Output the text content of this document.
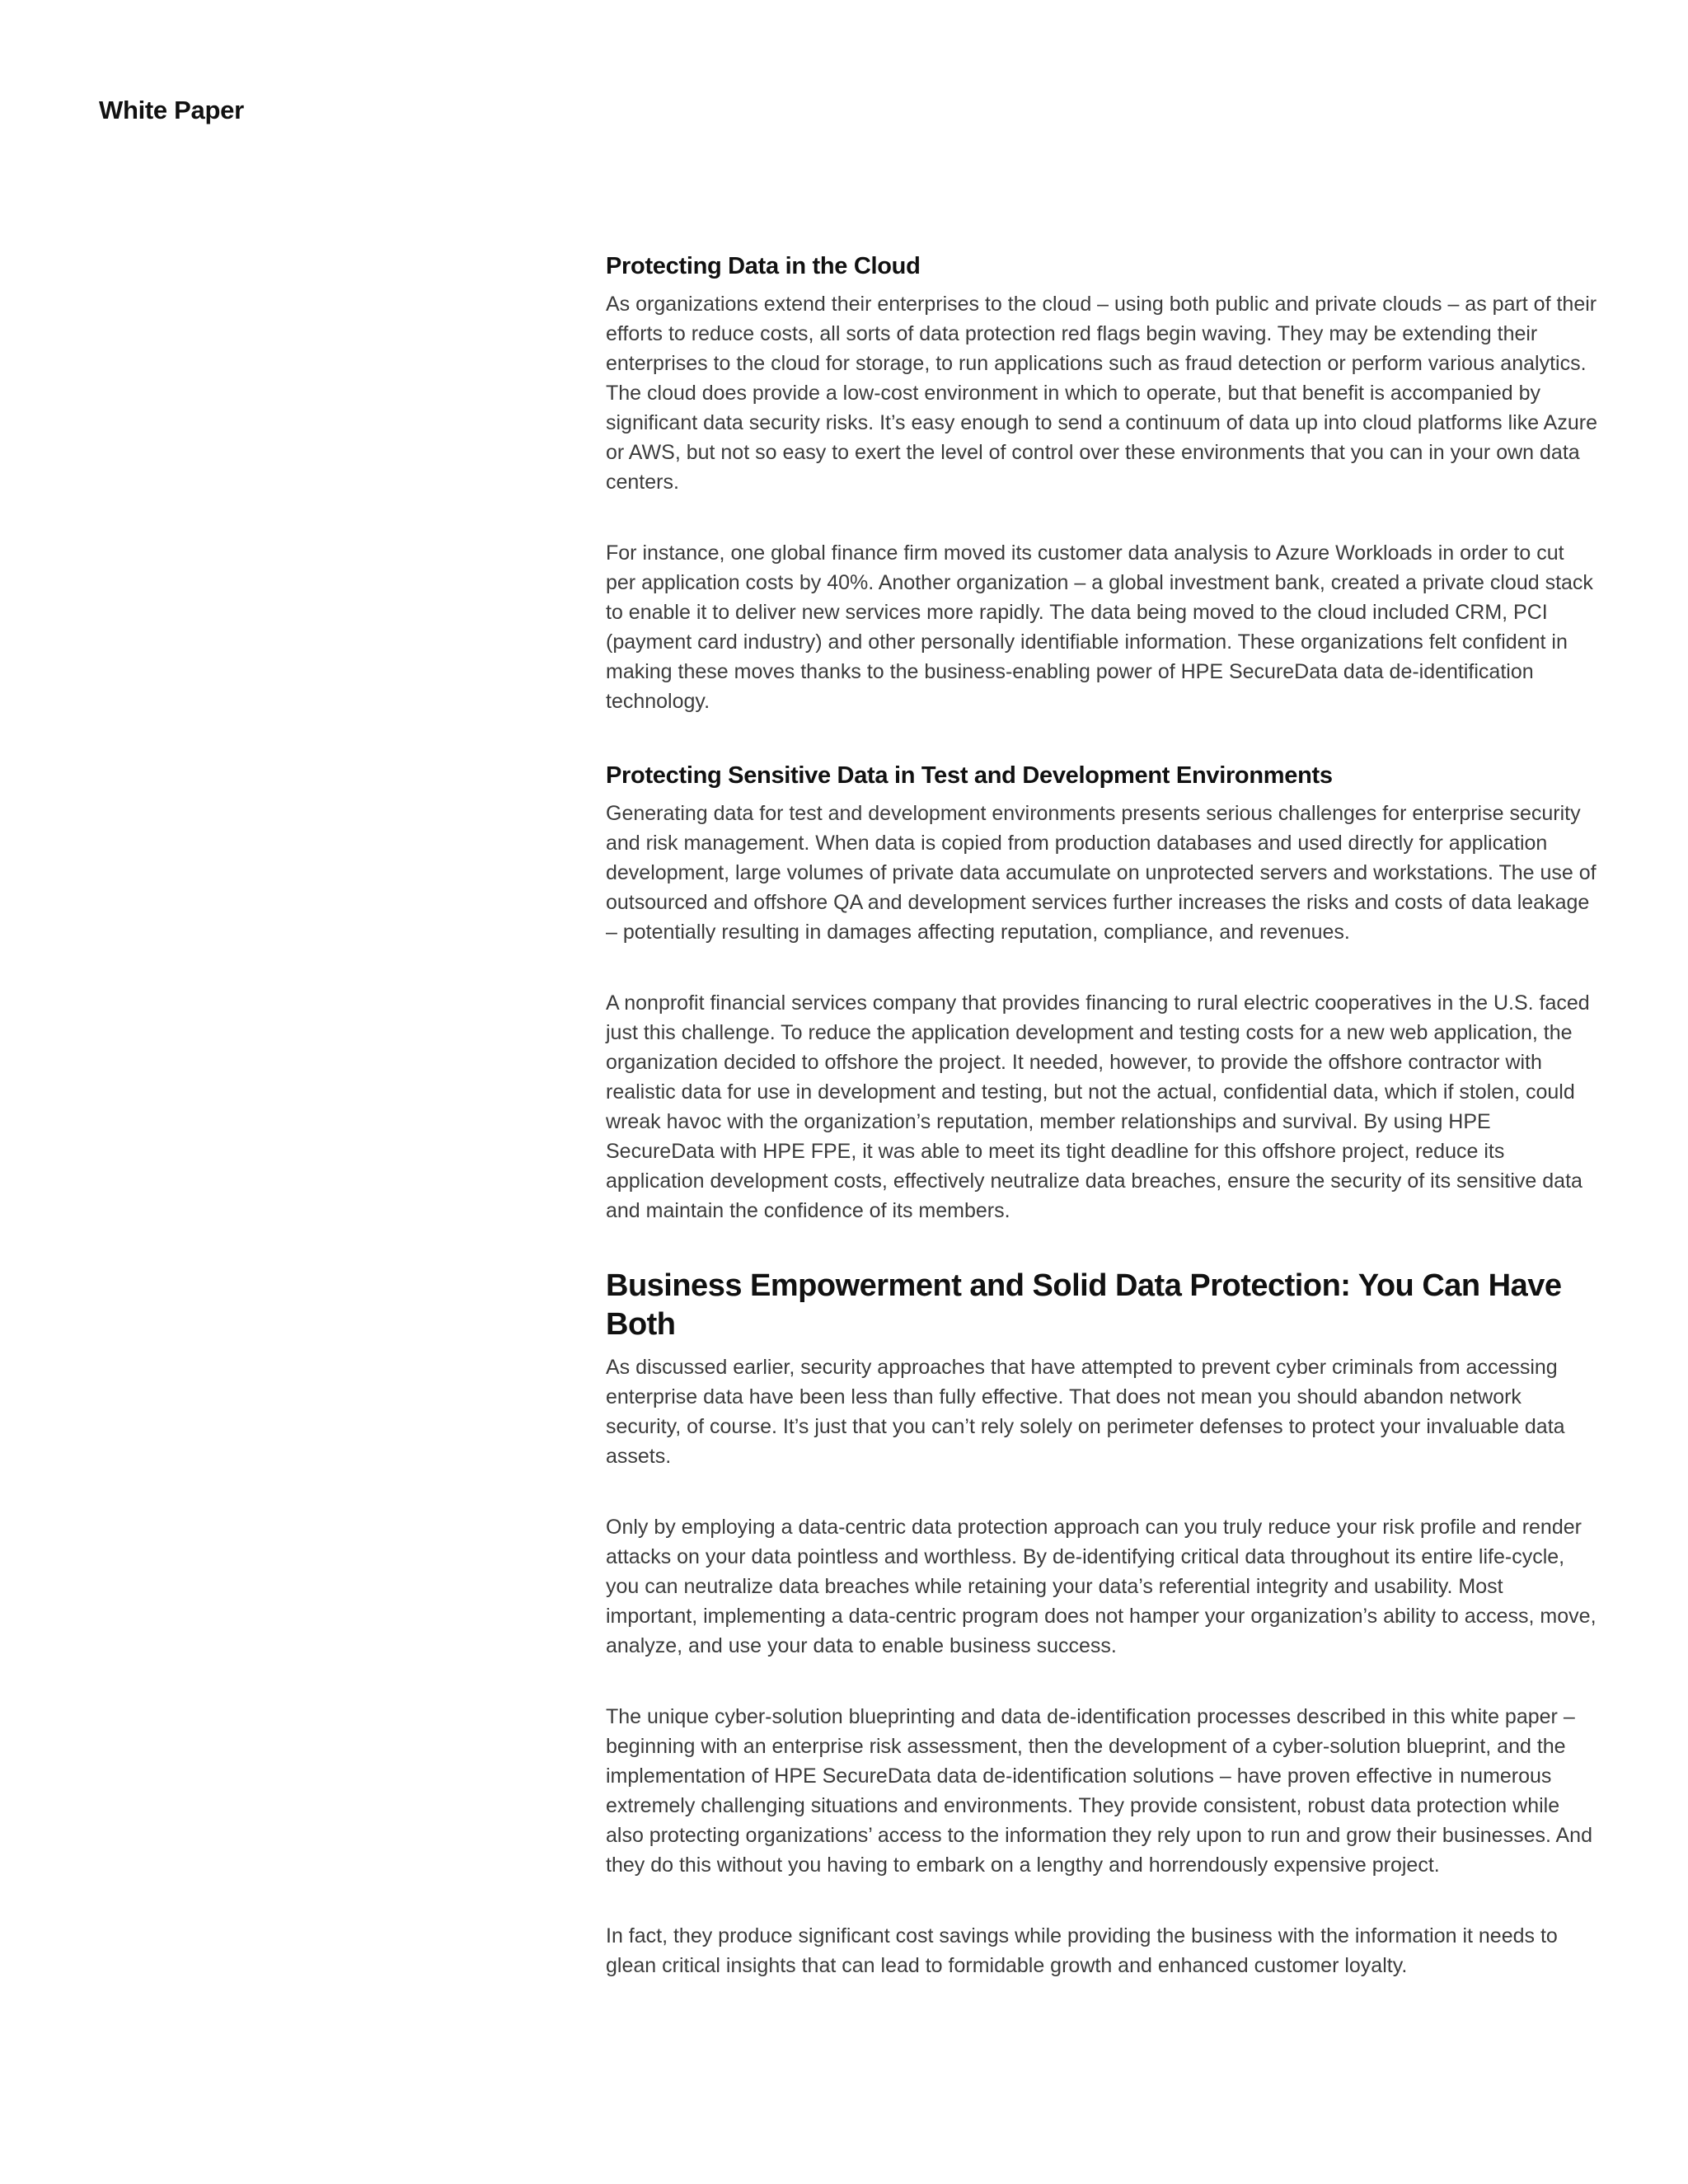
White Paper
Protecting Data in the Cloud

As organizations extend their enterprises to the cloud – using both public and private clouds – as part of their efforts to reduce costs, all sorts of data protection red flags begin waving. They may be extending their enterprises to the cloud for storage, to run applications such as fraud detection or perform various analytics. The cloud does provide a low-cost environment in which to operate, but that benefit is accompanied by significant data security risks. It’s easy enough to send a continuum of data up into cloud platforms like Azure or AWS, but not so easy to exert the level of control over these environments that you can in your own data centers.

For instance, one global finance firm moved its customer data analysis to Azure Workloads in order to cut per application costs by 40%. Another organization – a global investment bank, created a private cloud stack to enable it to deliver new services more rapidly. The data being moved to the cloud included CRM, PCI (payment card industry) and other personally identifiable information. These organizations felt confident in making these moves thanks to the business-enabling power of HPE SecureData data de-identification technology.

Protecting Sensitive Data in Test and Development Environments

Generating data for test and development environments presents serious challenges for enterprise security and risk management. When data is copied from production databases and used directly for application development, large volumes of private data accumulate on unprotected servers and workstations. The use of outsourced and offshore QA and development services further increases the risks and costs of data leakage – potentially resulting in damages affecting reputation, compliance, and revenues.

A nonprofit financial services company that provides financing to rural electric cooperatives in the U.S. faced just this challenge. To reduce the application development and testing costs for a new web application, the organization decided to offshore the project. It needed, however, to provide the offshore contractor with realistic data for use in development and testing, but not the actual, confidential data, which if stolen, could wreak havoc with the organization’s reputation, member relationships and survival. By using HPE SecureData with HPE FPE, it was able to meet its tight deadline for this offshore project, reduce its application development costs, effectively neutralize data breaches, ensure the security of its sensitive data and maintain the confidence of its members.

Business Empowerment and Solid Data Protection: You Can Have Both

As discussed earlier, security approaches that have attempted to prevent cyber criminals from accessing enterprise data have been less than fully effective. That does not mean you should abandon network security, of course. It’s just that you can’t rely solely on perimeter defenses to protect your invaluable data assets.

Only by employing a data-centric data protection approach can you truly reduce your risk profile and render attacks on your data pointless and worthless. By de-identifying critical data throughout its entire life-cycle, you can neutralize data breaches while retaining your data’s referential integrity and usability. Most important, implementing a data-centric program does not hamper your organization’s ability to access, move, analyze, and use your data to enable business success.

The unique cyber-solution blueprinting and data de-identification processes described in this white paper – beginning with an enterprise risk assessment, then the development of a cyber-solution blueprint, and the implementation of HPE SecureData data de-identification solutions – have proven effective in numerous extremely challenging situations and environments. They provide consistent, robust data protection while also protecting organizations’ access to the information they rely upon to run and grow their businesses. And they do this without you having to embark on a lengthy and horrendously expensive project.

In fact, they produce significant cost savings while providing the business with the information it needs to glean critical insights that can lead to formidable growth and enhanced customer loyalty.
